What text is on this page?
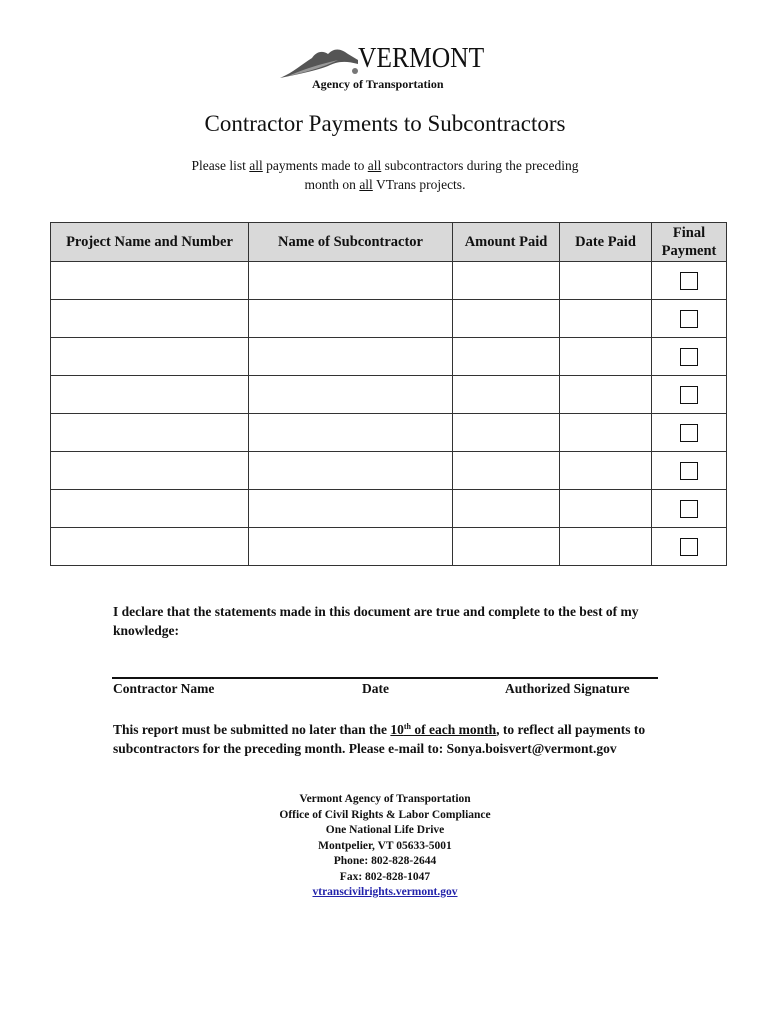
VERMONT
Agency of Transportation
Contractor Payments to Subcontractors
Please list all payments made to all subcontractors during the preceding
month on all VTrans projects.
Project Name and Number	Name of Subcontractor	Amount Paid	Date Paid	Final Payment

I declare that the statements made in this document are true and complete to the best of my knowledge:
Contractor Name	Date	Authorized Signature
This report must be submitted no later than the 10th of each month, to reflect all payments to subcontractors for the preceding month. Please e-mail to: Sonya.boisvert@vermont.gov
Vermont Agency of Transportation
Office of Civil Rights & Labor Compliance
One National Life Drive
Montpelier, VT 05633-5001
Phone: 802-828-2644
Fax: 802-828-1047
vtranscivilrights.vermont.gov
